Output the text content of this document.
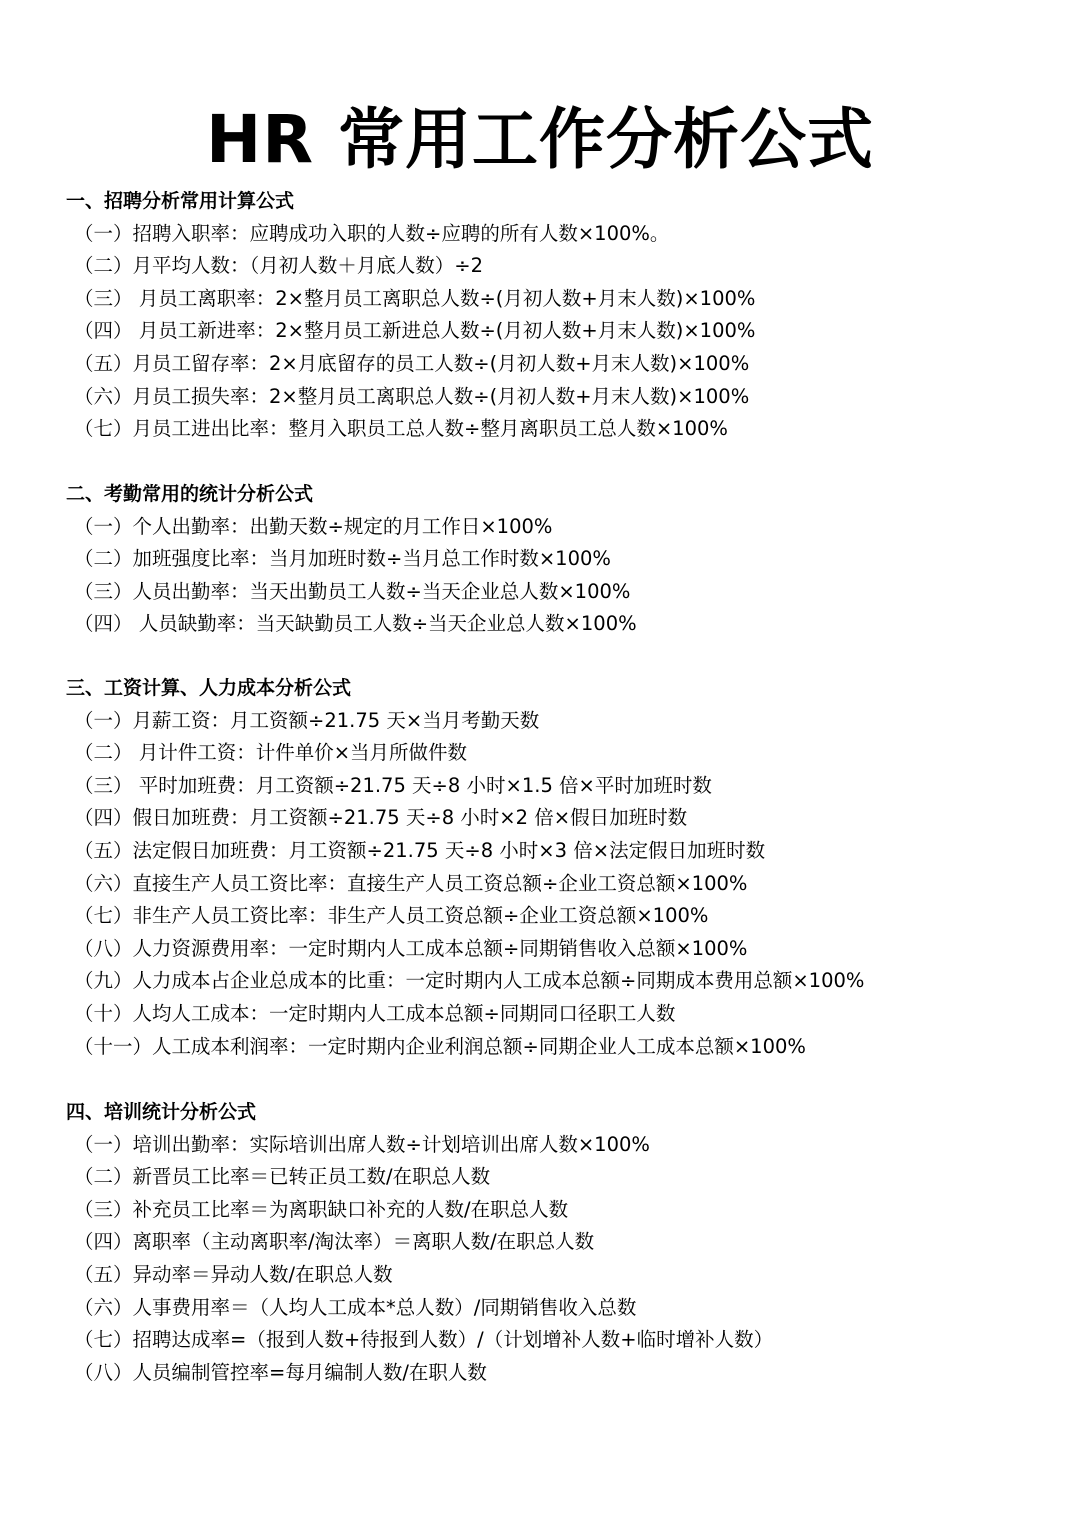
HR 常用工作分析公式
一、招聘分析常用计算公式
（一）招聘入职率：应聘成功入职的人数÷应聘的所有人数×100%。
（二）月平均人数：（月初人数＋月底人数）÷2
（三） 月员工离职率：2×整月员工离职总人数÷(月初人数+月末人数)×100%
（四） 月员工新进率：2×整月员工新进总人数÷(月初人数+月末人数)×100%
（五）月员工留存率：2×月底留存的员工人数÷(月初人数+月末人数)×100%
（六）月员工损失率：2×整月员工离职总人数÷(月初人数+月末人数)×100%
（七）月员工进出比率：整月入职员工总人数÷整月离职员工总人数×100%
二、考勤常用的统计分析公式
（一）个人出勤率：出勤天数÷规定的月工作日×100%
（二）加班强度比率：当月加班时数÷当月总工作时数×100%
（三）人员出勤率：当天出勤员工人数÷当天企业总人数×100%
（四） 人员缺勤率：当天缺勤员工人数÷当天企业总人数×100%
三、工资计算、人力成本分析公式
（一）月薪工资：月工资额÷21.75 天×当月考勤天数
（二） 月计件工资：计件单价×当月所做件数
（三） 平时加班费：月工资额÷21.75 天÷8 小时×1.5 倍×平时加班时数
（四）假日加班费：月工资额÷21.75 天÷8 小时×2 倍×假日加班时数
（五）法定假日加班费：月工资额÷21.75 天÷8 小时×3 倍×法定假日加班时数
（六）直接生产人员工资比率：直接生产人员工资总额÷企业工资总额×100%
（七）非生产人员工资比率：非生产人员工资总额÷企业工资总额×100%
（八）人力资源费用率：一定时期内人工成本总额÷同期销售收入总额×100%
（九）人力成本占企业总成本的比重：一定时期内人工成本总额÷同期成本费用总额×100%
（十）人均人工成本：一定时期内人工成本总额÷同期同口径职工人数
（十一）人工成本利润率：一定时期内企业利润总额÷同期企业人工成本总额×100%
四、培训统计分析公式
（一）培训出勤率：实际培训出席人数÷计划培训出席人数×100%
（二）新晋员工比率＝已转正员工数/在职总人数
（三）补充员工比率＝为离职缺口补充的人数/在职总人数
（四）离职率（主动离职率/淘汰率）＝离职人数/在职总人数
（五）异动率＝异动人数/在职总人数
（六）人事费用率＝（人均人工成本*总人数）/同期销售收入总数
（七）招聘达成率=（报到人数+待报到人数）/（计划增补人数+临时增补人数）
（八）人员编制管控率=每月编制人数/在职人数
